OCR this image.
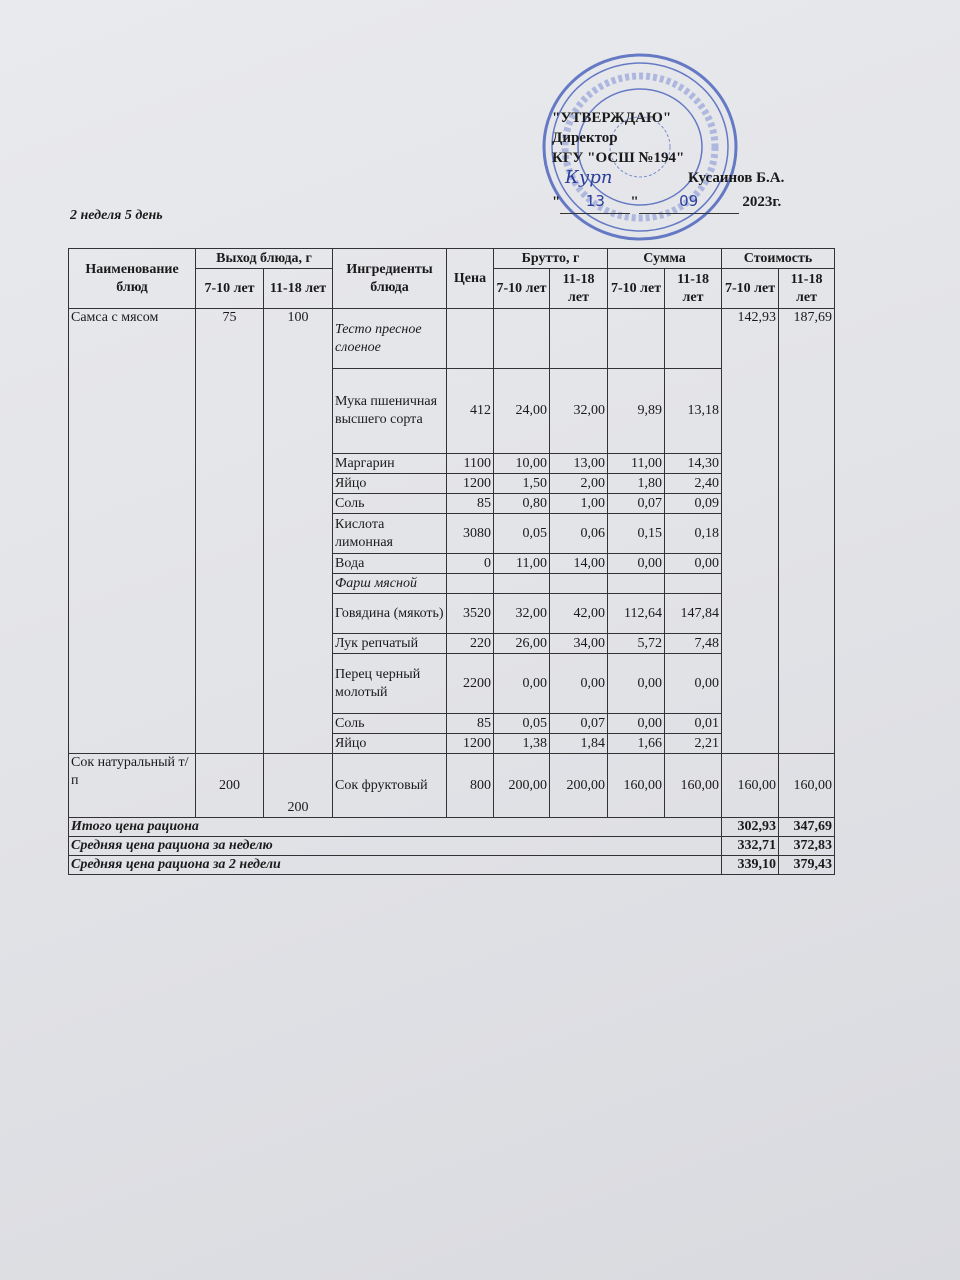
"УТВЕРЖДАЮ"
Директор
КГУ "ОСШ №194"
Курп	Кусаинов Б.А.
" 13 "	09	2023г.
2 неделя 5 день
Наименование блюд	Выход блюда, г		Ингредиенты блюда	Цена	Брутто, г		Сумма		Стоимость	
	7-10 лет	11-18 лет			7-10 лет	11-18 лет	7-10 лет	11-18 лет	7-10 лет	11-18 лет
Самса с мясом	75	100	Тесто пресное слоеное						142,93	187,69
			Мука пшеничная высшего сорта	412	24,00	32,00	9,89	13,18		
			Маргарин	1100	10,00	13,00	11,00	14,30		
			Яйцо	1200	1,50	2,00	1,80	2,40		
			Соль	85	0,80	1,00	0,07	0,09		
			Кислота лимонная	3080	0,05	0,06	0,15	0,18		
			Вода	0	11,00	14,00	0,00	0,00		
			Фарш мясной							
			Говядина (мякоть)	3520	32,00	42,00	112,64	147,84		
			Лук репчатый	220	26,00	34,00	5,72	7,48		
			Перец черный молотый	2200	0,00	0,00	0,00	0,00		
			Соль	85	0,05	0,07	0,00	0,01		
			Яйцо	1200	1,38	1,84	1,66	2,21		
Сок натуральный т/п	200	200	Сок фруктовый	800	200,00	200,00	160,00	160,00	160,00	160,00
Итого цена рациона									302,93	347,69
Средняя цена рациона за неделю									332,71	372,83
Средняя цена рациона за 2 недели									339,10	379,43
